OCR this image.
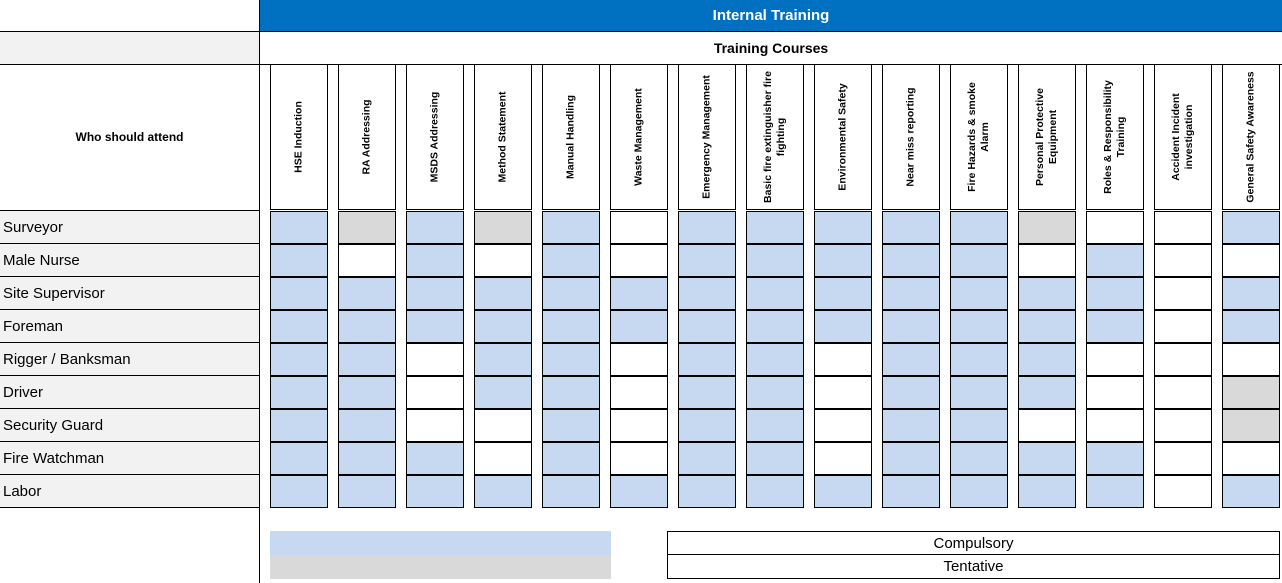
Internal Training
Training Courses
Who should attend	HSE Induction	RA Addressing	MSDS Addressing	Method Statement	Manual Handling	Waste Management	Emergency Management	Basic fire extinguisher fire fighting	Environmental Safety	Near miss reporting	Fire Hazards & smoke Alarm	Personal Protective Equipment	Roles & Responsibility Training	Accident Incident investigation	General Safety Awareness
Surveyor
Male Nurse
Site Supervisor
Foreman
Rigger / Banksman
Driver
Security Guard
Fire Watchman
Labor
Compulsory
Tentative
